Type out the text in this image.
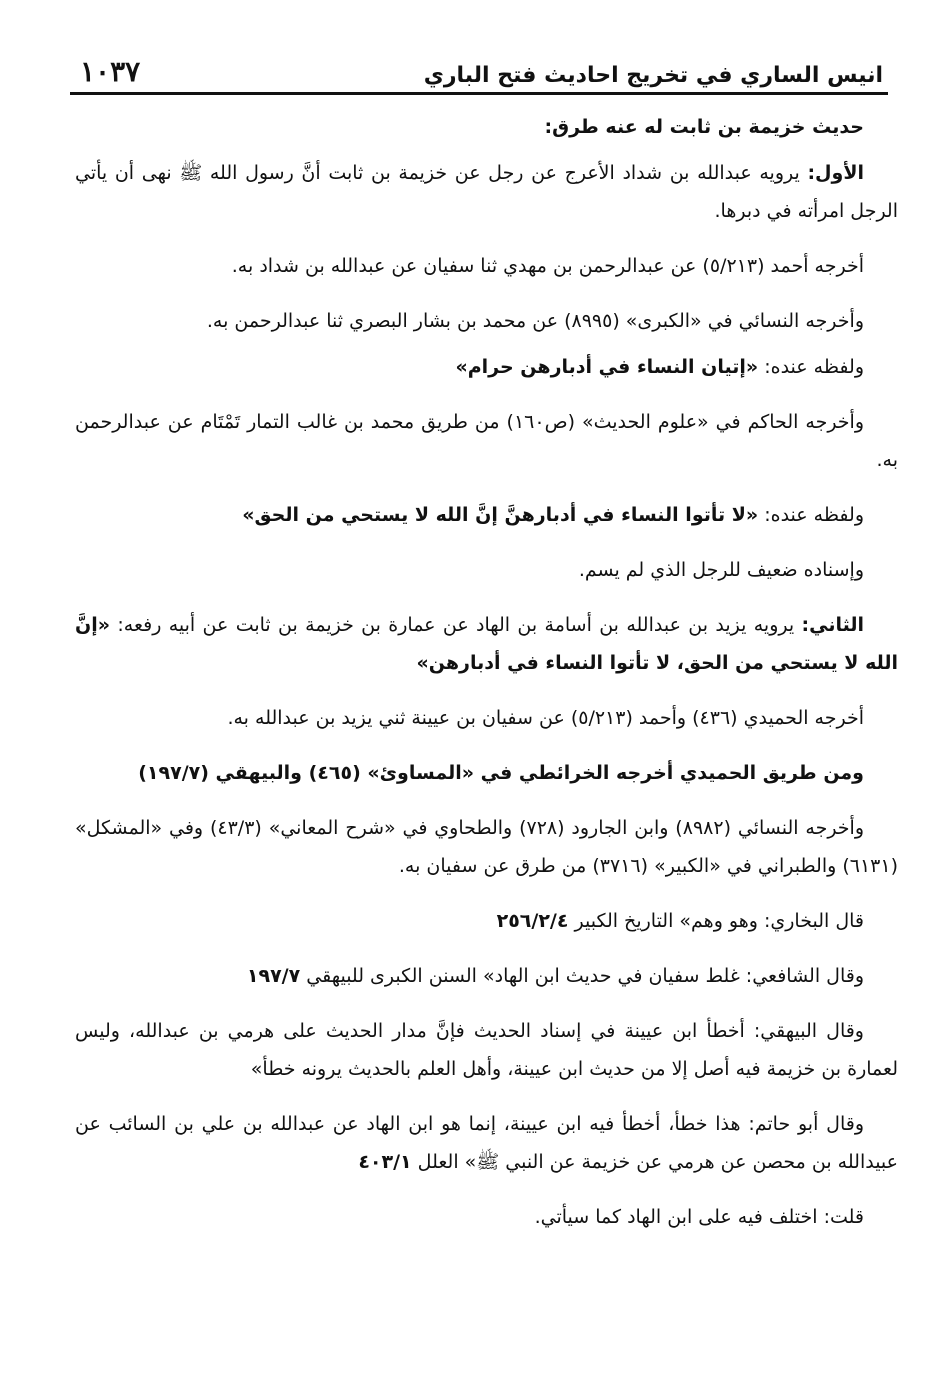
١٠٣٧	انيس الساري في تخريج احاديث فتح الباري

حديث خزيمة بن ثابت له عنه طرق:

الأول: يرويه عبدالله بن شداد الأعرج عن رجل عن خزيمة بن ثابت أنَّ رسول الله ﷺ نهى أن يأتي الرجل امرأته في دبرها.

أخرجه أحمد (٥/٢١٣) عن عبدالرحمن بن مهدي ثنا سفيان عن عبدالله بن شداد به.

وأخرجه النسائي في «الكبرى» (٨٩٩٥) عن محمد بن بشار البصري ثنا عبدالرحمن به.

ولفظه عنده: «إتيان النساء في أدبارهن حرام»

وأخرجه الحاكم في «علوم الحديث» (ص١٦٠) من طريق محمد بن غالب التمار تَمْتَام عن عبدالرحمن به.

ولفظه عنده: «لا تأتوا النساء في أدبارهنَّ إنَّ الله لا يستحي من الحق»

وإسناده ضعيف للرجل الذي لم يسم.

الثاني: يرويه يزيد بن عبدالله بن أسامة بن الهاد عن عمارة بن خزيمة بن ثابت عن أبيه رفعه: «إنَّ الله لا يستحي من الحق، لا تأتوا النساء في أدبارهن»

أخرجه الحميدي (٤٣٦) وأحمد (٥/٢١٣) عن سفيان بن عيينة ثني يزيد بن عبدالله به.

ومن طريق الحميدي أخرجه الخرائطي في «المساوئ» (٤٦٥) والبيهقي (١٩٧/٧)

وأخرجه النسائي (٨٩٨٢) وابن الجارود (٧٢٨) والطحاوي في «شرح المعاني» (٤٣/٣) وفي «المشكل» (٦١٣١) والطبراني في «الكبير» (٣٧١٦) من طرق عن سفيان به.

قال البخاري: وهو وهم» التاريخ الكبير ٢٥٦/٢/٤

وقال الشافعي: غلط سفيان في حديث ابن الهاد» السنن الكبرى للبيهقي ١٩٧/٧

وقال البيهقي: أخطأ ابن عيينة في إسناد الحديث فإنَّ مدار الحديث على هرمي بن عبدالله، وليس لعمارة بن خزيمة فيه أصل إلا من حديث ابن عيينة، وأهل العلم بالحديث يرونه خطأ»

وقال أبو حاتم: هذا خطأ، أخطأ فيه ابن عيينة، إنما هو ابن الهاد عن عبدالله بن علي بن السائب عن عبيدالله بن محصن عن هرمي عن خزيمة عن النبي ﷺ» العلل ٤٠٣/١

قلت: اختلف فيه على ابن الهاد كما سيأتي.
